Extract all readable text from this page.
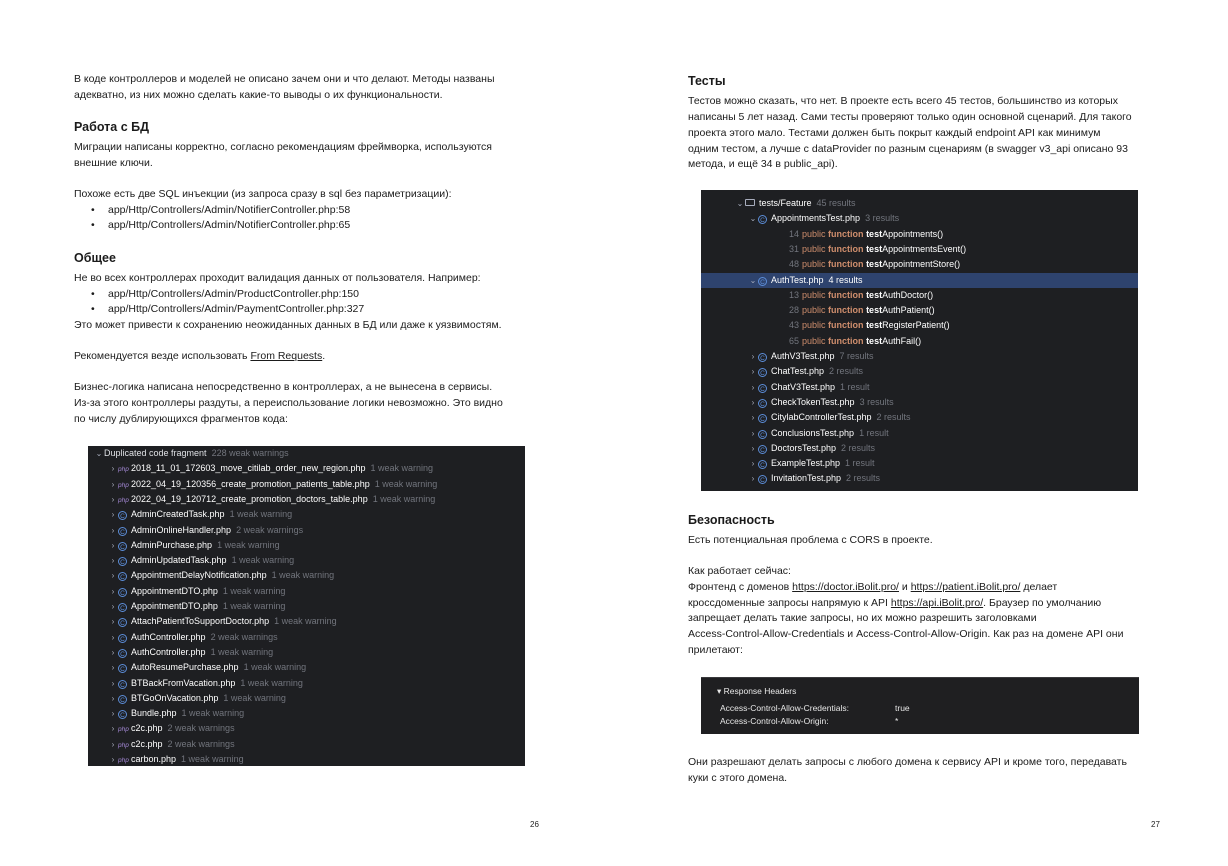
В коде контроллеров и моделей не описано зачем они и что делают. Методы названы

адекватно, из них можно сделать какие-то выводы о их функциональности.

Работа с БД

Миграции написаны корректно, согласно рекомендациям фреймворка, используются

внешние ключи.

Похоже есть две SQL инъекции (из запроса сразу в sql без параметризации):

• app/Http/Controllers/Admin/NotifierController.php:58
• app/Http/Controllers/Admin/NotifierController.php:65
Общее

Не во всех контроллерах проходит валидация данных от пользователя. Например:

• app/Http/Controllers/Admin/ProductController.php:150
• app/Http/Controllers/Admin/PaymentController.php:327

Это может привести к сохранению неожиданных данных в БД или даже к уязвимостям.

Рекомендуется везде использовать From Requests.

Бизнес-логика написана непосредственно в контроллерах, а не вынесена в сервисы.

Из-за этого контроллеры раздуты, а переиспользование логики невозможно. Это видно

по числу дублирующихся фрагментов кода:

⌄ Duplicated code fragment 228 weak warnings
› php 2018_11_01_172603_move_citilab_order_new_region.php 1 weak warning
› php 2022_04_19_120356_create_promotion_patients_table.php 1 weak warning
› php 2022_04_19_120712_create_promotion_doctors_table.php 1 weak warning
› C AdminCreatedTask.php 1 weak warning
› C AdminOnlineHandler.php 2 weak warnings
› C AdminPurchase.php 1 weak warning
› C AdminUpdatedTask.php 1 weak warning
› C AppointmentDelayNotification.php 1 weak warning
› C AppointmentDTO.php 1 weak warning
› C AppointmentDTO.php 1 weak warning
› C AttachPatientToSupportDoctor.php 1 weak warning
› C AuthController.php 2 weak warnings
› C AuthController.php 1 weak warning
› C AutoResumePurchase.php 1 weak warning
› C BTBackFromVacation.php 1 weak warning
› C BTGoOnVacation.php 1 weak warning
› C Bundle.php 1 weak warning
› php c2c.php 2 weak warnings
› php c2c.php 2 weak warnings
› php carbon.php 1 weak warning
26
Тесты

Тестов можно сказать, что нет. В проекте есть всего 45 тестов, большинство из которых

написаны 5 лет назад. Сами тесты проверяют только один основной сценарий. Для такого

проекта этого мало. Тестами должен быть покрыт каждый endpoint API как минимум

одним тестом, а лучше с dataProvider по разным сценариям (в swagger v3_api описано 93

метода, и ещё 34 в public_api).

⌄ tests/Feature 45 results
⌄ C AppointmentsTest.php 3 results
14 public function testAppointments()
31 public function testAppointmentsEvent()
48 public function testAppointmentStore()
⌄ C AuthTest.php 4 results
13 public function testAuthDoctor()
28 public function testAuthPatient()
43 public function testRegisterPatient()
65 public function testAuthFail()
› C AuthV3Test.php 7 results
› C ChatTest.php 2 results
› C ChatV3Test.php 1 result
› C CheckTokenTest.php 3 results
› C CitylabControllerTest.php 2 results
› C ConclusionsTest.php 1 result
› C DoctorsTest.php 2 results
› C ExampleTest.php 1 result
› C InvitationTest.php 2 results
Безопасность

Есть потенциальная проблема с CORS в проекте.

Как работает сейчас:

Фронтенд с доменов https://doctor.iBolit.pro/ и https://patient.iBolit.pro/ делает

кроссдоменные запросы напрямую к API https://api.iBolit.pro/. Браузер по умолчанию

запрещает делать такие запросы, но их можно разрешить заголовками

Access-Control-Allow-Credentials и Access-Control-Allow-Origin. Как раз на домене API они

прилетают:

▾ Response Headers
Access-Control-Allow-Credentials:	true
Access-Control-Allow-Origin:	*

Они разрешают делать запросы с любого домена к сервису API и кроме того, передавать

куки с этого домена.

27
